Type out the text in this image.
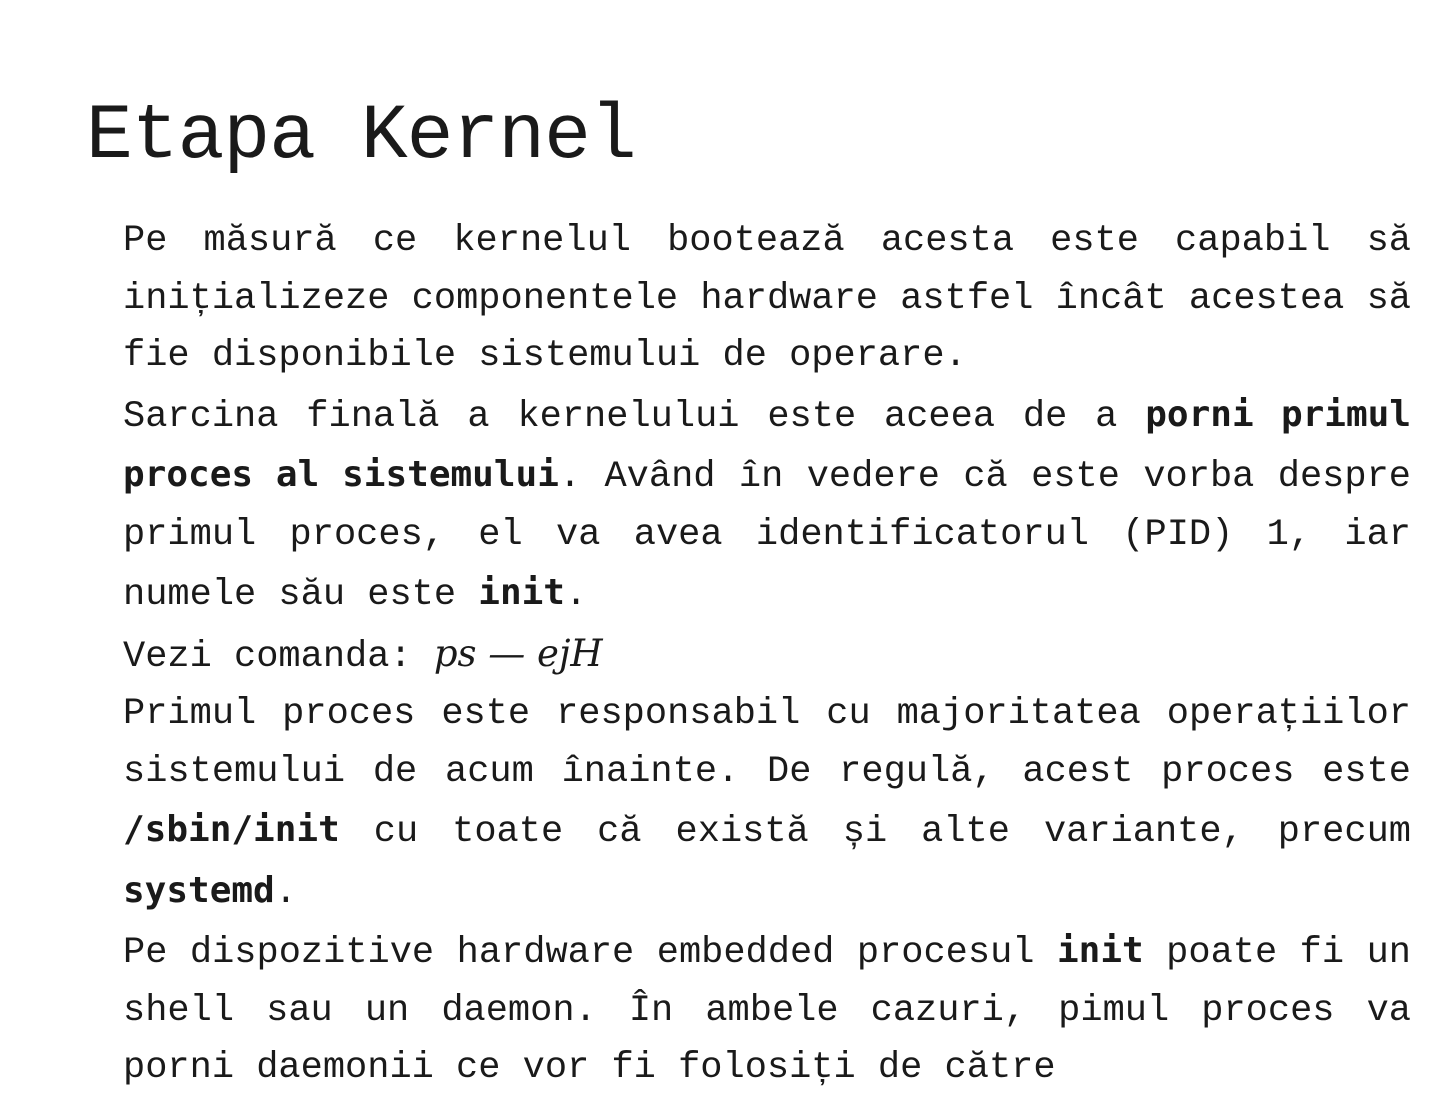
Etapa Kernel

Pe măsură ce kernelul bootează acesta este capabil să inițializeze componentele hardware astfel încât acestea să fie disponibile sistemului de operare.

Sarcina finală a kernelului este aceea de a porni primul proces al sistemului. Având în vedere că este vorba despre primul proces, el va avea identificatorul (PID) 1, iar numele său este init.

Vezi comanda: ps — ejH

Primul proces este responsabil cu majoritatea operațiilor sistemului de acum înainte. De regulă, acest proces este /sbin/init cu toate că există și alte variante, precum systemd.

Pe dispozitive hardware embedded procesul init poate fi un shell sau un daemon. În ambele cazuri, pimul proces va porni daemonii ce vor fi folosiți de către
